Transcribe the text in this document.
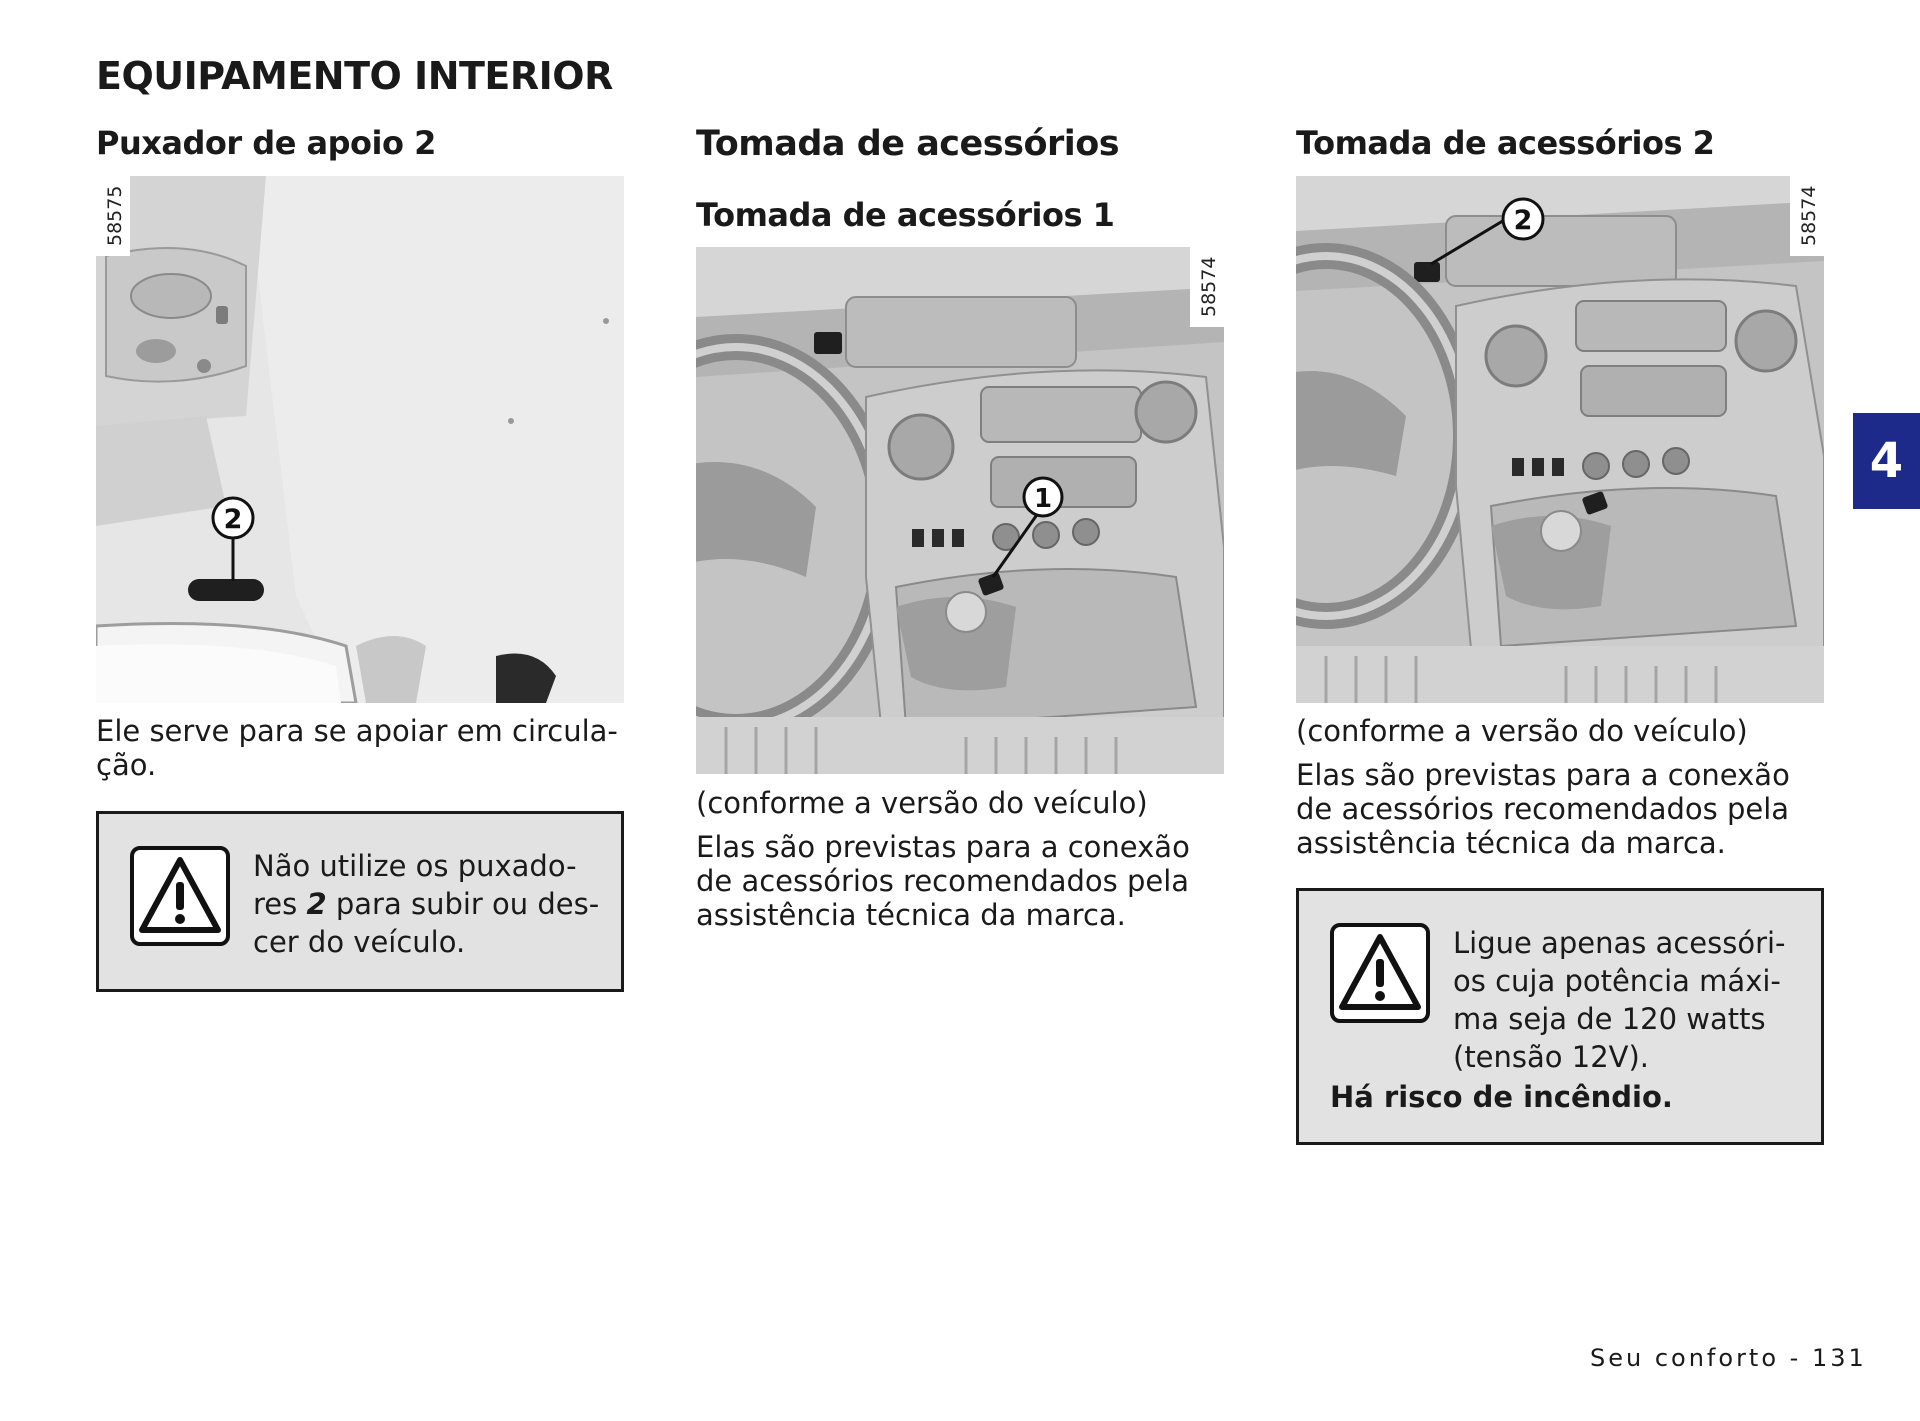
EQUIPAMENTO INTERIOR
Puxador de apoio 2
2
58575

Ele serve para se apoiar em circula-ção.

Não utilize os puxado-
res 2 para subir ou des-
cer do veículo.

Tomada de acessórios
Tomada de acessórios 1
1
58574

(conforme a versão do veículo)

Elas são previstas para a conexão
de acessórios recomendados pela
assistência técnica da marca.

Tomada de acessórios 2
2	58574

(conforme a versão do veículo)

Elas são previstas para a conexão
de acessórios recomendados pela
assistência técnica da marca.

Ligue apenas acessóri-
os cuja potência máxi-
ma seja de 120 watts
(tensão 12V).

Há risco de incêndio.

4
Seu conforto - 131
